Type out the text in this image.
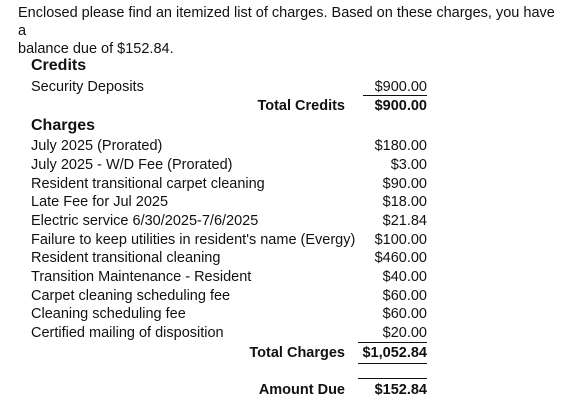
Enclosed please find an itemized list of charges. Based on these charges, you have a
balance due of $152.84.
Credits
Security Deposits	$900.00
Total Credits $900.00
Charges
July 2025 (Prorated)	$180.00
July 2025 - W/D Fee (Prorated)	$3.00
Resident transitional carpet cleaning	$90.00
Late Fee for Jul 2025	$18.00
Electric service 6/30/2025-7/6/2025	$21.84
Failure to keep utilities in resident's name (Evergy) $100.00
Resident transitional cleaning	$460.00
Transition Maintenance - Resident	$40.00
Carpet cleaning scheduling fee	$60.00
Cleaning scheduling fee	$60.00
Certified mailing of disposition	$20.00
Total Charges $1,052.84
Amount Due $152.84
